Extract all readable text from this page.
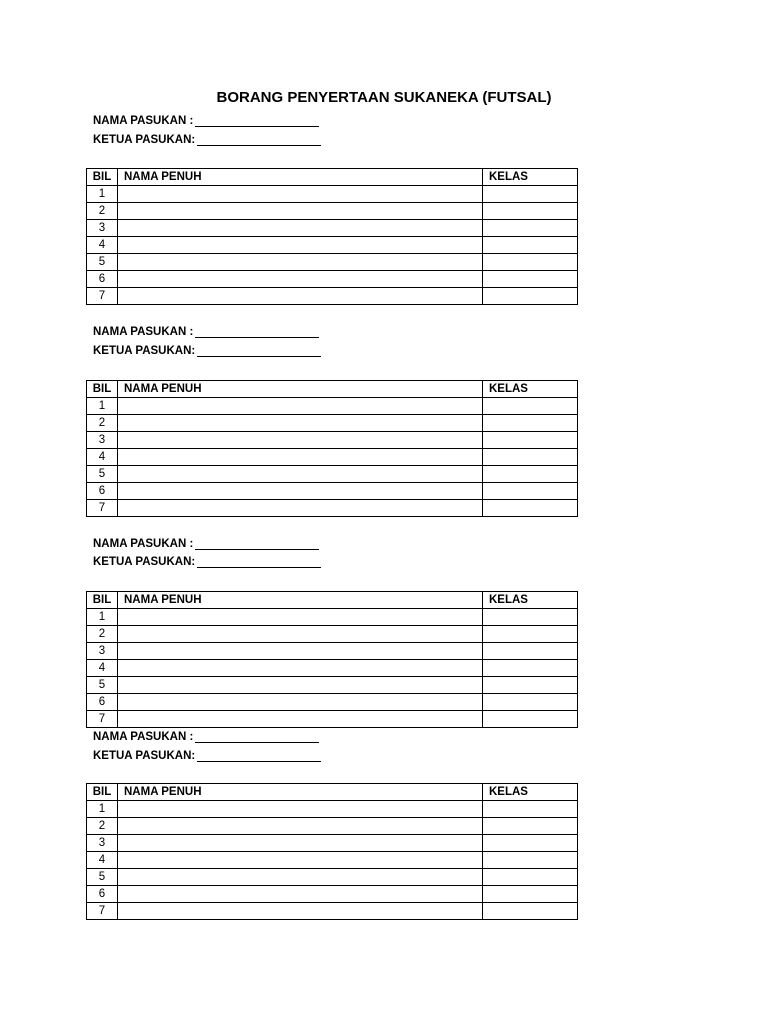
BORANG PENYERTAAN SUKANEKA (FUTSAL)
NAMA PASUKAN :
KETUA PASUKAN:
BIL	NAMA PENUH	KELAS
1		
2		
3		
4		
5		
6		
7		
NAMA PASUKAN :
KETUA PASUKAN:
BIL	NAMA PENUH	KELAS
1		
2		
3		
4		
5		
6		
7		
NAMA PASUKAN :
KETUA PASUKAN:
BIL	NAMA PENUH	KELAS
1		
2		
3		
4		
5		
6		
7		
NAMA PASUKAN :
KETUA PASUKAN:
BIL	NAMA PENUH	KELAS
1		
2		
3		
4		
5		
6		
7		
